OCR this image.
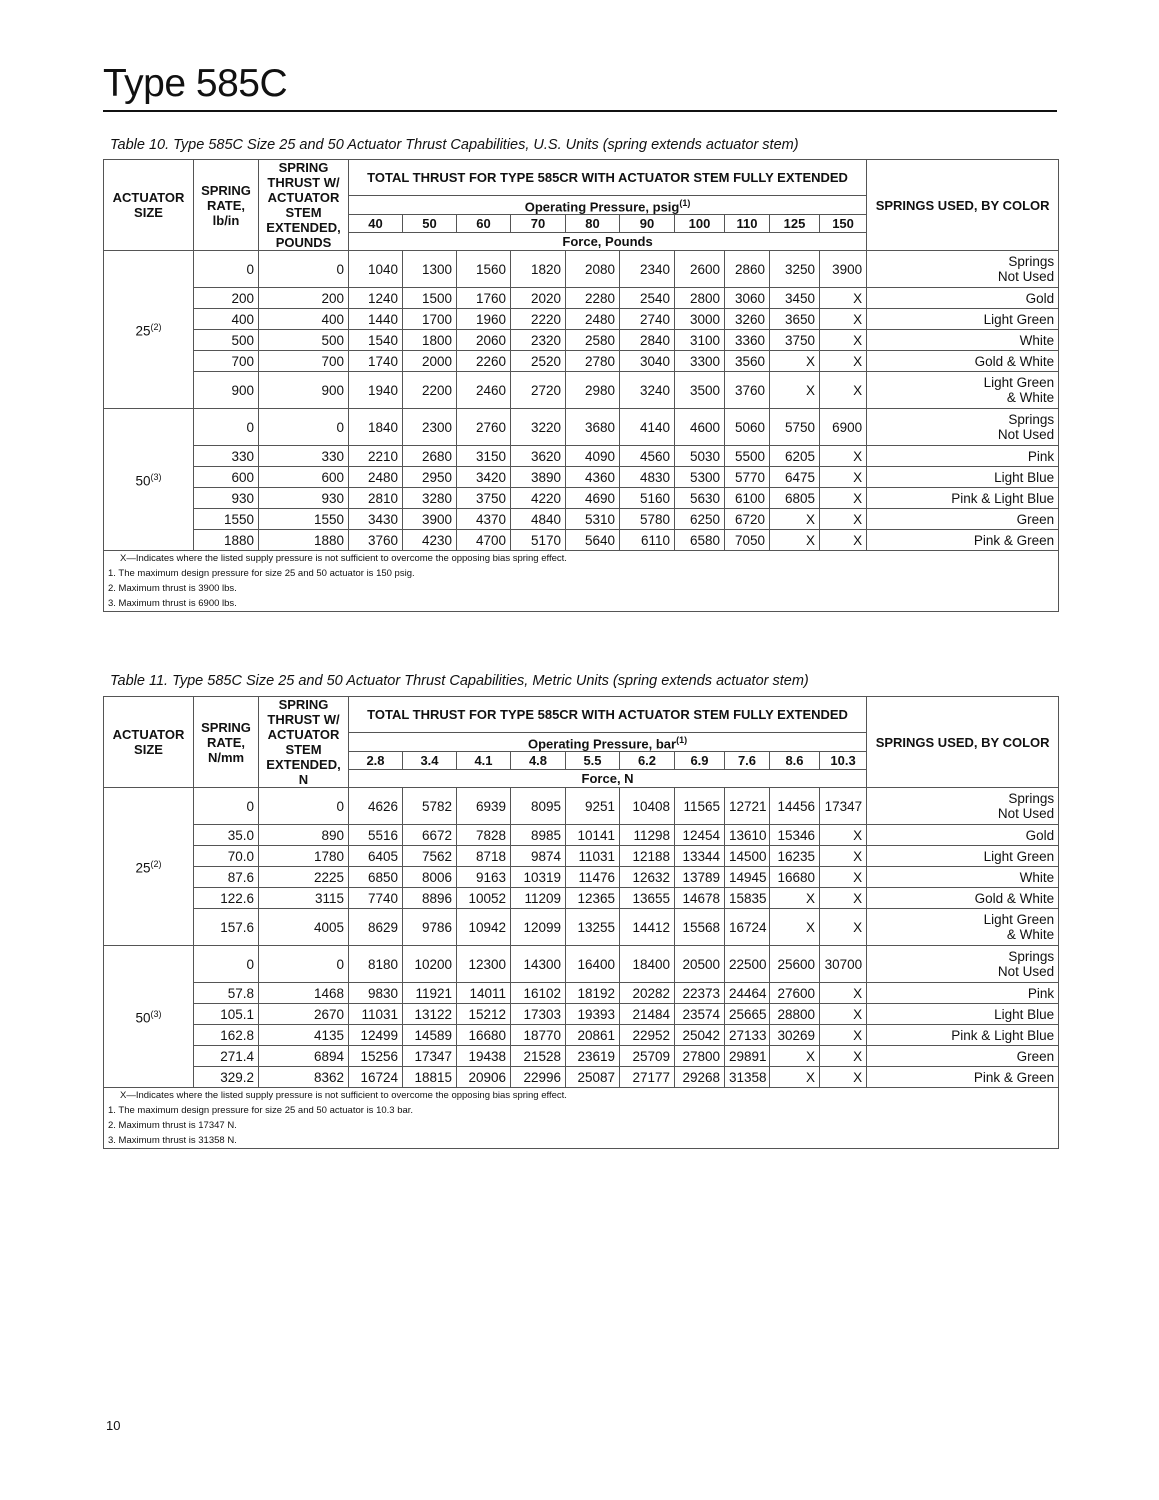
Type 585C
Table 10. Type 585C Size 25 and 50 Actuator Thrust Capabilities, U.S. Units (spring extends actuator stem)
ACTUATOR SIZE	SPRING RATE, lb/in	SPRING THRUST W/ ACTUATOR STEM EXTENDED, POUNDS	TOTAL THRUST FOR TYPE 585CR WITH ACTUATOR STEM FULLY EXTENDED										SPRINGS USED, BY COLOR

			Operating Pressure, psig$^{(1)}$
			40	50	60	70	80	90	100	110	125	150	
			Force, Pounds										
25$^{(2)}$	0	0	1040	1300	1560	1820	2080	2340	2600	2860	3250	3900	Springs
Not Used

	200	200	1240	1500	1760	2020	2280	2540	2800	3060	3450	X	Gold

	400	400	1440	1700	1960	2220	2480	2740	3000	3260	3650	X	Light Green

	500	500	1540	1800	2060	2320	2580	2840	3100	3360	3750	X	White

	700	700	1740	2000	2260	2520	2780	3040	3300	3560	X	X	Gold & White

	900	900	1940	2200	2460	2720	2980	3240	3500	3760	X	X	Light Green
& White

50$^{(3)}$	0	0	1840	2300	2760	3220	3680	4140	4600	5060	5750	6900	Springs
Not Used

	330	330	2210	2680	3150	3620	4090	4560	5030	5500	6205	X	Pink

	600	600	2480	2950	3420	3890	4360	4830	5300	5770	6475	X	Light Blue

	930	930	2810	3280	3750	4220	4690	5160	5630	6100	6805	X	Pink & Light Blue

	1550	1550	3430	3900	4370	4840	5310	5780	6250	6720	X	X	Green

	1880	1880	3760	4230	4700	5170	5640	6110	6580	7050	X	X	Pink & Green

X—Indicates where the listed supply pressure is not sufficient to overcome the opposing bias spring effect.
1. The maximum design pressure for size 25 and 50 actuator is 150 psig.
2. Maximum thrust is 3900 lbs.
3. Maximum thrust is 6900 lbs.													
Table 11. Type 585C Size 25 and 50 Actuator Thrust Capabilities, Metric Units (spring extends actuator stem)
ACTUATOR SIZE	SPRING RATE, N/mm	SPRING THRUST W/ ACTUATOR STEM EXTENDED, N	TOTAL THRUST FOR TYPE 585CR WITH ACTUATOR STEM FULLY EXTENDED										SPRINGS USED, BY COLOR

			Operating Pressure, bar$^{(1)}$
			2.8	3.4	4.1	4.8	5.5	6.2	6.9	7.6	8.6	10.3	
			Force, N										
25$^{(2)}$	0	0	4626	5782	6939	8095	9251	10408	11565	12721	14456	17347	Springs
Not Used

	35.0	890	5516	6672	7828	8985	10141	11298	12454	13610	15346	X	Gold

	70.0	1780	6405	7562	8718	9874	11031	12188	13344	14500	16235	X	Light Green

	87.6	2225	6850	8006	9163	10319	11476	12632	13789	14945	16680	X	White

	122.6	3115	7740	8896	10052	11209	12365	13655	14678	15835	X	X	Gold & White

	157.6	4005	8629	9786	10942	12099	13255	14412	15568	16724	X	X	Light Green
& White

50$^{(3)}$	0	0	8180	10200	12300	14300	16400	18400	20500	22500	25600	30700	Springs
Not Used

	57.8	1468	9830	11921	14011	16102	18192	20282	22373	24464	27600	X	Pink

	105.1	2670	11031	13122	15212	17303	19393	21484	23574	25665	28800	X	Light Blue

	162.8	4135	12499	14589	16680	18770	20861	22952	25042	27133	30269	X	Pink & Light Blue

	271.4	6894	15256	17347	19438	21528	23619	25709	27800	29891	X	X	Green

	329.2	8362	16724	18815	20906	22996	25087	27177	29268	31358	X	X	Pink & Green

X—Indicates where the listed supply pressure is not sufficient to overcome the opposing bias spring effect.
1. The maximum design pressure for size 25 and 50 actuator is 10.3 bar.
2. Maximum thrust is 17347 N.
3. Maximum thrust is 31358 N.													
10
